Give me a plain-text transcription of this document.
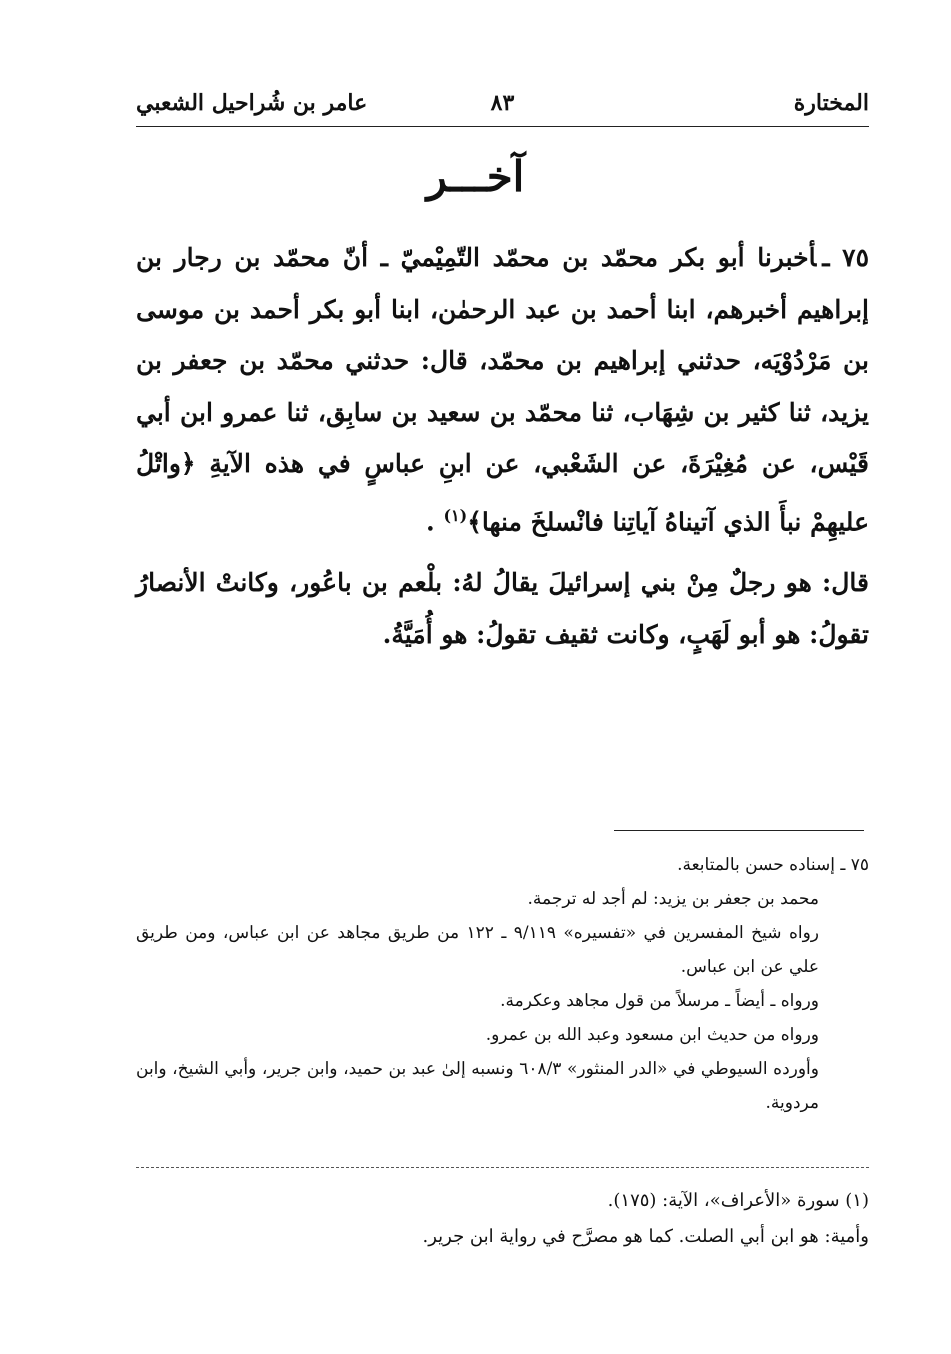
المختارة
٨٣
عامر بن شُراحيل الشعبي
آخـــر

٧٥ ـأخبرنا أبو بكر محمّد بن محمّد التّمِيْميّ ـ أنّ محمّد بن رجار بن إبراهيم أخبرهم، ابنا أحمد بن عبد الرحمٰن، ابنا أبو بكر أحمد بن موسى بن مَرْدُوْيَه، حدثني إبراهيم بن محمّد، قال: حدثني محمّد بن جعفر بن يزيد، ثنا كثير بن شِهَاب، ثنا محمّد بن سعيد بن سابِق، ثنا عمرو ابن أبي قَيْس، عن مُغِيْرَةَ، عن الشَعْبي، عن ابنِ عباسٍ في هذه الآيةِ ﴿واتْلُ عليهِمْ نبأَ الذي آتيناهُ آياتِنا فانْسلخَ منها﴾$^{(١)}$ .

قال: هو رجلٌ مِنْ بني إسرائيلَ يقالُ لهُ: بلْعم بن باعُور، وكانتْ الأنصارُ تقولُ: هو أبو لَهَبٍ، وكانت ثقيف تقولُ: هو أُمَيَّةُ.

٧٥ ـ إسناده حسن بالمتابعة.

محمد بن جعفر بن يزيد: لم أجد له ترجمة.

رواه شيخ المفسرين في «تفسيره» ٩/١١٩ ـ ١٢٢ من طريق مجاهد عن ابن عباس، ومن طريق علي عن ابن عباس.

ورواه ـ أيضاً ـ مرسلاً من قول مجاهد وعكرمة.

ورواه من حديث ابن مسعود وعبد الله بن عمرو.

وأورده السيوطي في «الدر المنثور» ٦٠٨/٣ ونسبه إلىٰ عبد بن حميد، وابن جرير، وأبي الشيخ، وابن مردوية.

(١) سورة «الأعراف»، الآية: (١٧٥).

وأمية: هو ابن أبي الصلت. كما هو مصرَّح في رواية ابن جرير.
